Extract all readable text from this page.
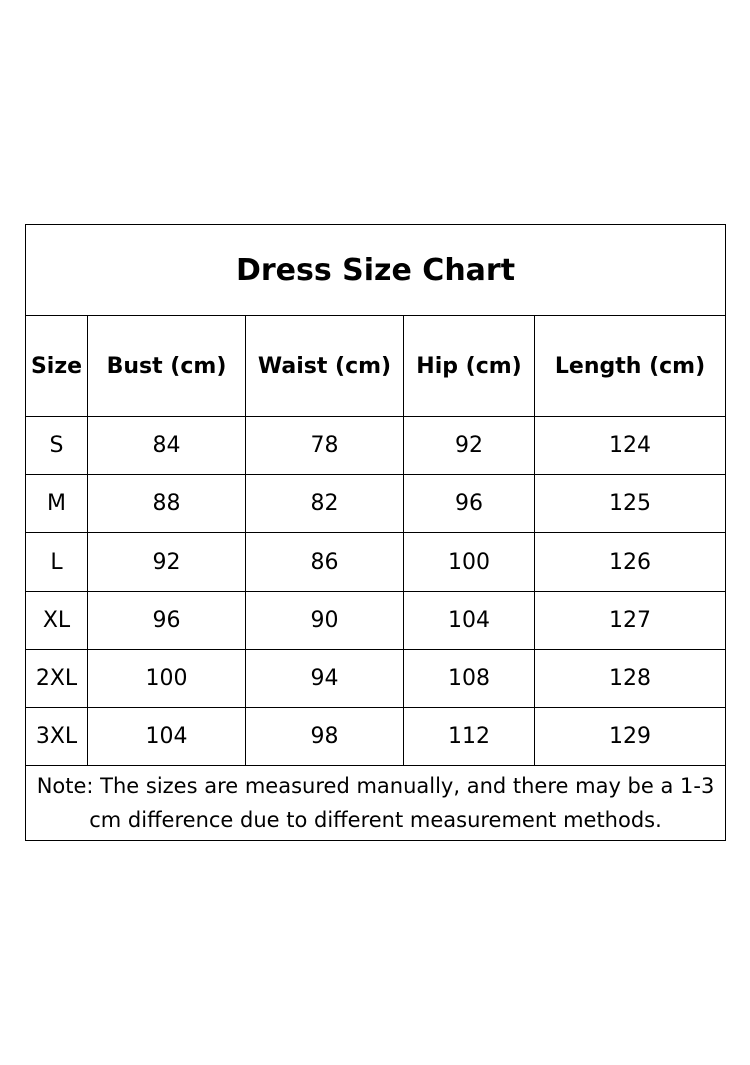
Dress Size Chart				
Size	Bust (cm)	Waist (cm)	Hip (cm)	Length (cm)
S	84	78	92	124
M	88	82	96	125
L	92	86	100	126
XL	96	90	104	127
2XL	100	94	108	128
3XL	104	98	112	129
Note: The sizes are measured manually, and there may be a 1-3 cm difference due to different measurement methods.				
